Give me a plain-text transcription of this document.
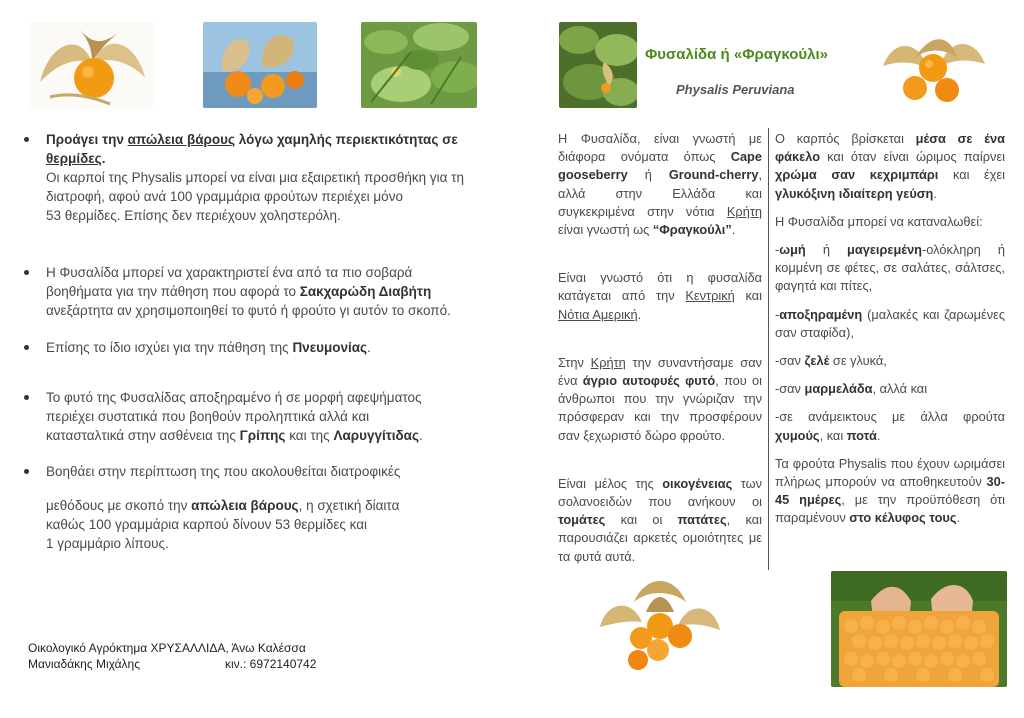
Φυσαλίδα ή «Φραγκούλι»
Physalis Peruviana
Προάγει την απώλεια βάρους λόγω χαμηλής περιεκτικότητας σε θερμίδες.
Οι καρποί της Physalis μπορεί να είναι μια εξαιρετική προσθήκη για τη
διατροφή, αφού ανά 100 γραμμάρια φρούτων περιέχει μόνο
53 θερμίδες. Επίσης δεν περιέχουν χοληστερόλη.
Η Φυσαλίδα μπορεί να χαρακτηριστεί ένα από τα πιο σοβαρά
βοηθήματα για την πάθηση που αφορά το Σακχαρώδη Διαβήτη
ανεξάρτητα αν χρησιμοποιηθεί το φυτό ή φρούτο γι αυτόν το σκοπό.
Επίσης το ίδιο ισχύει για την πάθηση της Πνευμονίας.
Το φυτό της Φυσαλίδας αποξηραμένο ή σε μορφή αφεψήματος
περιέχει συστατικά που βοηθούν προληπτικά αλλά και
κατασταλτικά στην ασθένεια της Γρίπης και της Λαρυγγίτιδας.
Βοηθάει στην περίπτωση της που ακολουθείται διατροφικές
μεθόδους με σκοπό την απώλεια βάρους, η σχετική δίαιτα
καθώς 100 γραμμάρια καρπού δίνουν 53 θερμίδες και
1 γραμμάριο λίπους.

Η Φυσαλίδα, είναι γνωστή με διάφορα ονόματα όπως Cape gooseberry ή Ground-cherry, αλλά στην Ελλάδα και συγκεκριμένα στην νότια Κρήτη είναι γνωστή ως “Φραγκούλι”.

Είναι γνωστό ότι η φυσαλίδα κατάγεται από την Κεντρική και Νότια Αμερική.

Στην Κρήτη την συναντήσαμε σαν ένα άγριο αυτοφυές φυτό, που οι άνθρωποι που την γνώριζαν την πρόσφεραν και την προσφέρουν σαν ξεχωριστό δώρο φρούτο.

Είναι μέλος της οικογένειας των σολανοειδών που ανήκουν οι τομάτες και οι πατάτες, και παρουσιάζει αρκετές ομοιότητες με τα φυτά αυτά.

Ο καρπός βρίσκεται μέσα σε ένα φάκελο και όταν είναι ώριμος παίρνει χρώμα σαν κεχριμπάρι και έχει γλυκόξινη ιδιαίτερη γεύση.

Η Φυσαλίδα μπορεί να καταναλωθεί:

-ωμή ή μαγειρεμένη-ολόκληρη ή κομμένη σε φέτες, σε σαλάτες, σάλτσες, φαγητά και πίτες,

-αποξηραμένη (μαλακές και ζαρωμένες σαν σταφίδα),

-σαν ζελέ σε γλυκά,

-σαν μαρμελάδα, αλλά και

-σε ανάμεικτους με άλλα φρούτα χυμούς, και ποτά.

Τα φρούτα Physalis που έχουν ωριμάσει πλήρως μπορούν να αποθηκευτούν 30-45 ημέρες, με την προϋπόθεση ότι παραμένουν στο κέλυφος τους.

Οικολογικό Αγρόκτημα ΧΡΥΣΑΛΛΙΔΑ, Άνω Καλέσσα
Μανιαδάκης Μιχάλης	κιν.: 6972140742
